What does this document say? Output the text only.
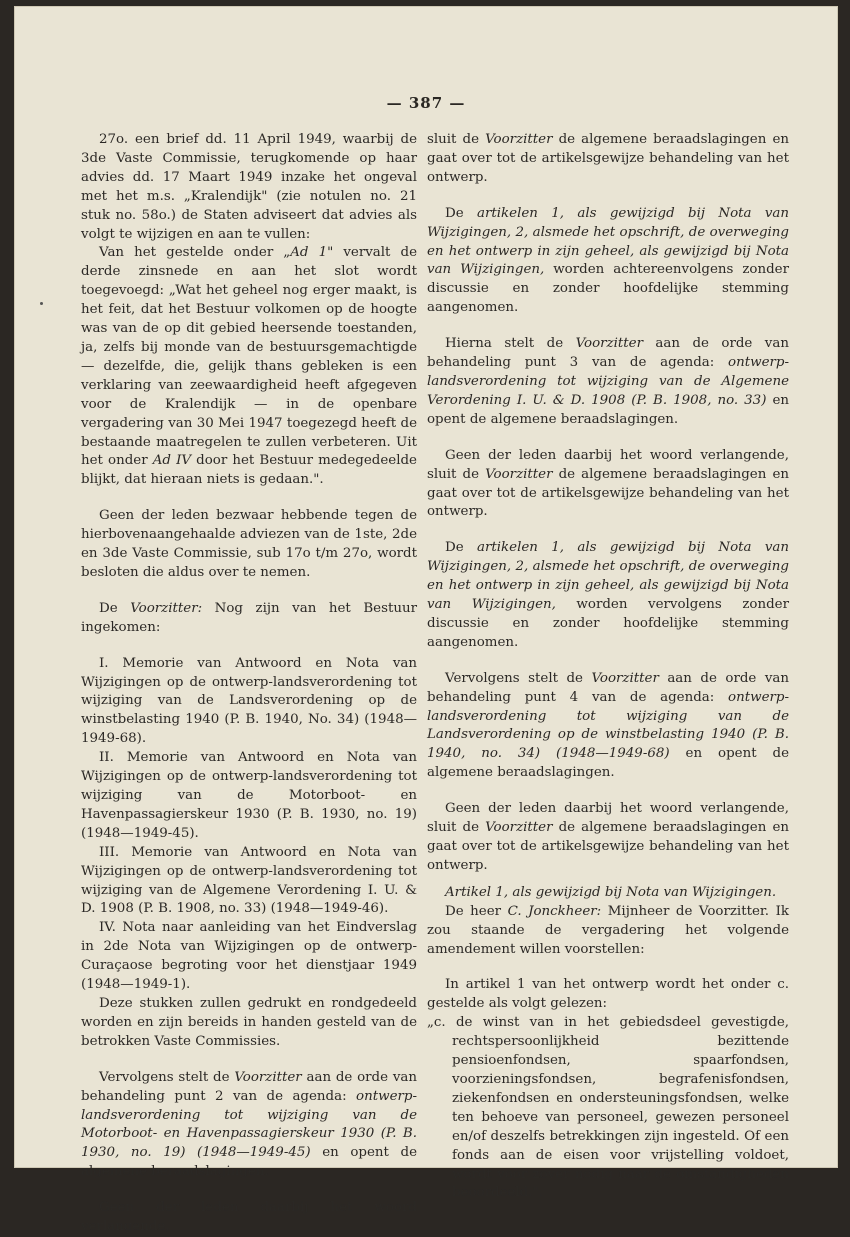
— 387 —

27o. een brief dd. 11 April 1949, waarbij de 3de Vaste Commissie, terugkomende op haar advies dd. 17 Maart 1949 inzake het ongeval met het m.s. „Kralendijk" (zie notulen no. 21 stuk no. 58o.) de Staten adviseert dat advies als volgt te wijzigen en aan te vullen:

Van het gestelde onder „Ad 1" vervalt de derde zinsnede en aan het slot wordt toegevoegd: „Wat het geheel nog erger maakt, is het feit, dat het Bestuur volkomen op de hoogte was van de op dit gebied heersende toestanden, ja, zelfs bij monde van de bestuursgemachtigde — dezelfde, die, gelijk thans gebleken is een verklaring van zeewaardigheid heeft afgegeven voor de Kralendijk — in de openbare vergadering van 30 Mei 1947 toegezegd heeft de bestaande maatregelen te zullen verbeteren. Uit het onder Ad IV door het Bestuur medegedeelde blijkt, dat hieraan niets is gedaan.".

Geen der leden bezwaar hebbende tegen de hierbovenaangehaalde adviezen van de 1ste, 2de en 3de Vaste Commissie, sub 17o t/m 27o, wordt besloten die aldus over te nemen.

De Voorzitter: Nog zijn van het Bestuur ingekomen:

I. Memorie van Antwoord en Nota van Wijzigingen op de ontwerp-landsverordening tot wijziging van de Landsverordening op de winstbelasting 1940 (P. B. 1940, No. 34) (1948—1949-68).

II. Memorie van Antwoord en Nota van Wijzigingen op de ontwerp-landsverordening tot wijziging van de Motorboot- en Havenpassagierskeur 1930 (P. B. 1930, no. 19) (1948—1949-45).

III. Memorie van Antwoord en Nota van Wijzigingen op de ontwerp-landsverordening tot wijziging van de Algemene Verordening I. U. & D. 1908 (P. B. 1908, no. 33) (1948—1949-46).

IV. Nota naar aanleiding van het Eindverslag in 2de Nota van Wijzigingen op de ontwerp-Curaçaose begroting voor het dienstjaar 1949 (1948—1949-1).

Deze stukken zullen gedrukt en rondgedeeld worden en zijn bereids in handen gesteld van de betrokken Vaste Commissies.

Vervolgens stelt de Voorzitter aan de orde van behandeling punt 2 van de agenda: ontwerp-landsverordening tot wijziging van de Motorboot- en Havenpassagierskeur 1930 (P. B. 1930, no. 19) (1948—1949-45) en opent de algemene beraadslagingen.

Geen der leden daarbij het woord verlangende,

sluit de Voorzitter de algemene beraadslagingen en gaat over tot de artikelsgewijze behandeling van het ontwerp.

De artikelen 1, als gewijzigd bij Nota van Wijzigingen, 2, alsmede het opschrift, de overweging en het ontwerp in zijn geheel, als gewijzigd bij Nota van Wijzigingen, worden achtereenvolgens zonder discussie en zonder hoofdelijke stemming aangenomen.

Hierna stelt de Voorzitter aan de orde van behandeling punt 3 van de agenda: ontwerp-landsverordening tot wijziging van de Algemene Verordening I. U. & D. 1908 (P. B. 1908, no. 33) en opent de algemene beraadslagingen.

Geen der leden daarbij het woord verlangende, sluit de Voorzitter de algemene beraadslagingen en gaat over tot de artikelsgewijze behandeling van het ontwerp.

De artikelen 1, als gewijzigd bij Nota van Wijzigingen, 2, alsmede het opschrift, de overweging en het ontwerp in zijn geheel, als gewijzigd bij Nota van Wijzigingen, worden vervolgens zonder discussie en zonder hoofdelijke stemming aangenomen.

Vervolgens stelt de Voorzitter aan de orde van behandeling punt 4 van de agenda: ontwerp-landsverordening tot wijziging van de Landsverordening op de winstbelasting 1940 (P. B. 1940, no. 34) (1948—1949-68) en opent de algemene beraadslagingen.

Geen der leden daarbij het woord verlangende, sluit de Voorzitter de algemene beraadslagingen en gaat over tot de artikelsgewijze behandeling van het ontwerp.

Artikel 1, als gewijzigd bij Nota van Wijzigingen.

De heer C. Jonckheer: Mijnheer de Voorzitter. Ik zou staande de vergadering het volgende amendement willen voorstellen:

In artikel 1 van het ontwerp wordt het onder c. gestelde als volgt gelezen:

„c. de winst van in het gebiedsdeel gevestigde, rechtspersoonlijkheid bezittende pensioenfondsen, spaarfondsen, voorzieningsfondsen, begrafenisfondsen, ziekenfondsen en ondersteuningsfondsen, welke ten behoeve van personeel, gewezen personeel en/of deszelfs betrekkingen zijn ingesteld. Of een fonds aan de eisen voor vrijstelling voldoet, wordt voor zover nodig naar de omstandigheden beoordeeld.".
